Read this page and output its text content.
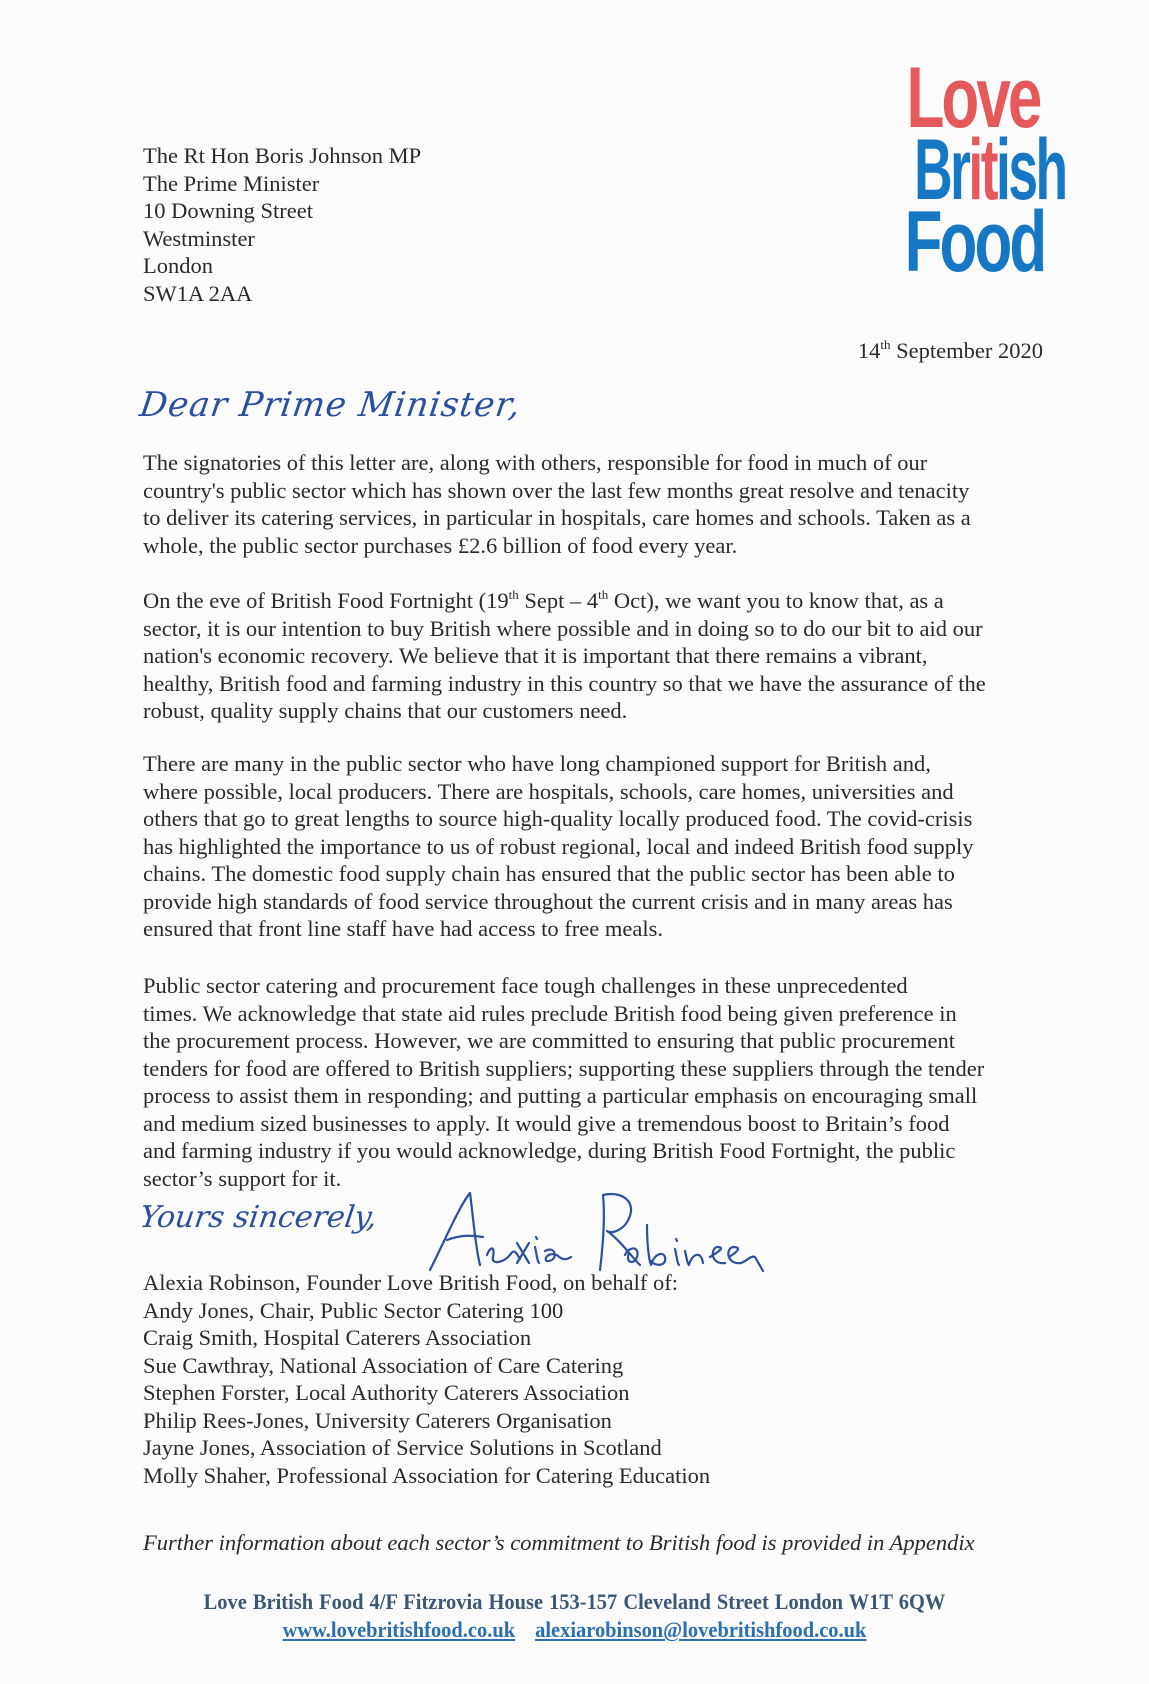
Love
British
Food
The Rt Hon Boris Johnson MP
The Prime Minister
10 Downing Street
Westminster
London
SW1A 2AA
14th September 2020
Dear Prime Minister,
The signatories of this letter are, along with others, responsible for food in much of our
country's public sector which has shown over the last few months great resolve and tenacity
to deliver its catering services, in particular in hospitals, care homes and schools. Taken as a
whole, the public sector purchases £2.6 billion of food every year.
On the eve of British Food Fortnight (19th Sept – 4th Oct), we want you to know that, as a
sector, it is our intention to buy British where possible and in doing so to do our bit to aid our
nation's economic recovery. We believe that it is important that there remains a vibrant,
healthy, British food and farming industry in this country so that we have the assurance of the
robust, quality supply chains that our customers need.
There are many in the public sector who have long championed support for British and,
where possible, local producers. There are hospitals, schools, care homes, universities and
others that go to great lengths to source high-quality locally produced food. The covid-crisis
has highlighted the importance to us of robust regional, local and indeed British food supply
chains. The domestic food supply chain has ensured that the public sector has been able to
provide high standards of food service throughout the current crisis and in many areas has
ensured that front line staff have had access to free meals.
Public sector catering and procurement face tough challenges in these unprecedented
times. We acknowledge that state aid rules preclude British food being given preference in
the procurement process. However, we are committed to ensuring that public procurement
tenders for food are offered to British suppliers; supporting these suppliers through the tender
process to assist them in responding; and putting a particular emphasis on encouraging small
and medium sized businesses to apply. It would give a tremendous boost to Britain’s food
and farming industry if you would acknowledge, during British Food Fortnight, the public
sector’s support for it.
Yours sincerely,
Alexia Robinson, Founder Love British Food, on behalf of:
Andy Jones, Chair, Public Sector Catering 100
Craig Smith, Hospital Caterers Association
Sue Cawthray, National Association of Care Catering
Stephen Forster, Local Authority Caterers Association
Philip Rees-Jones, University Caterers Organisation
Jayne Jones, Association of Service Solutions in Scotland
Molly Shaher, Professional Association for Catering Education
Further information about each sector’s commitment to British food is provided in Appendix
Love British Food 4/F Fitzrovia House 153-157 Cleveland Street London W1T 6QW
www.lovebritishfood.co.uk alexiarobinson@lovebritishfood.co.uk
